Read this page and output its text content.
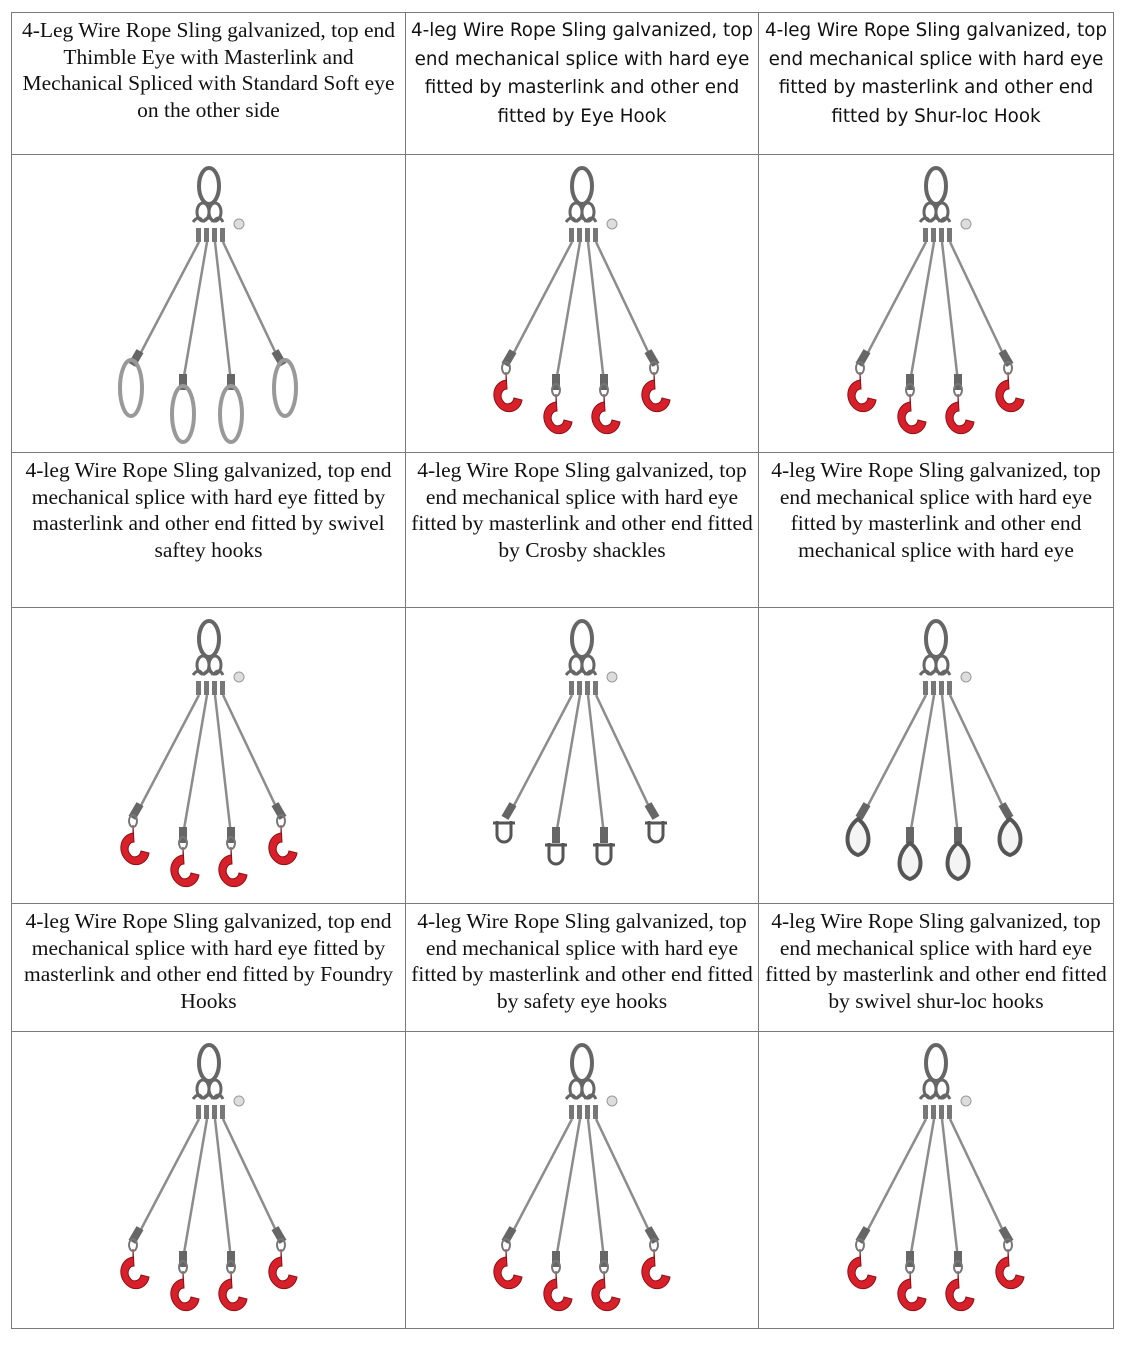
4-Leg Wire Rope Sling galvanized, top end Thimble Eye with Masterlink and Mechanical Spliced with Standard Soft eye on the other side	4-leg Wire Rope Sling galvanized, top end mechanical splice with hard eye fitted by masterlink and other end fitted by Eye Hook	4-leg Wire Rope Sling galvanized, top end mechanical splice with hard eye fitted by masterlink and other end fitted by Shur-loc Hook

4-leg Wire Rope Sling galvanized, top end mechanical splice with hard eye fitted by masterlink and other end fitted by swivel saftey hooks	4-leg Wire Rope Sling galvanized, top end mechanical splice with hard eye fitted by masterlink and other end fitted by Crosby shackles	4-leg Wire Rope Sling galvanized, top end mechanical splice with hard eye fitted by masterlink and other end mechanical splice with hard eye

4-leg Wire Rope Sling galvanized, top end mechanical splice with hard eye fitted by masterlink and other end fitted by Foundry Hooks	4-leg Wire Rope Sling galvanized, top end mechanical splice with hard eye fitted by masterlink and other end fitted by safety eye hooks	4-leg Wire Rope Sling galvanized, top end mechanical splice with hard eye fitted by masterlink and other end fitted by swivel shur-loc hooks
